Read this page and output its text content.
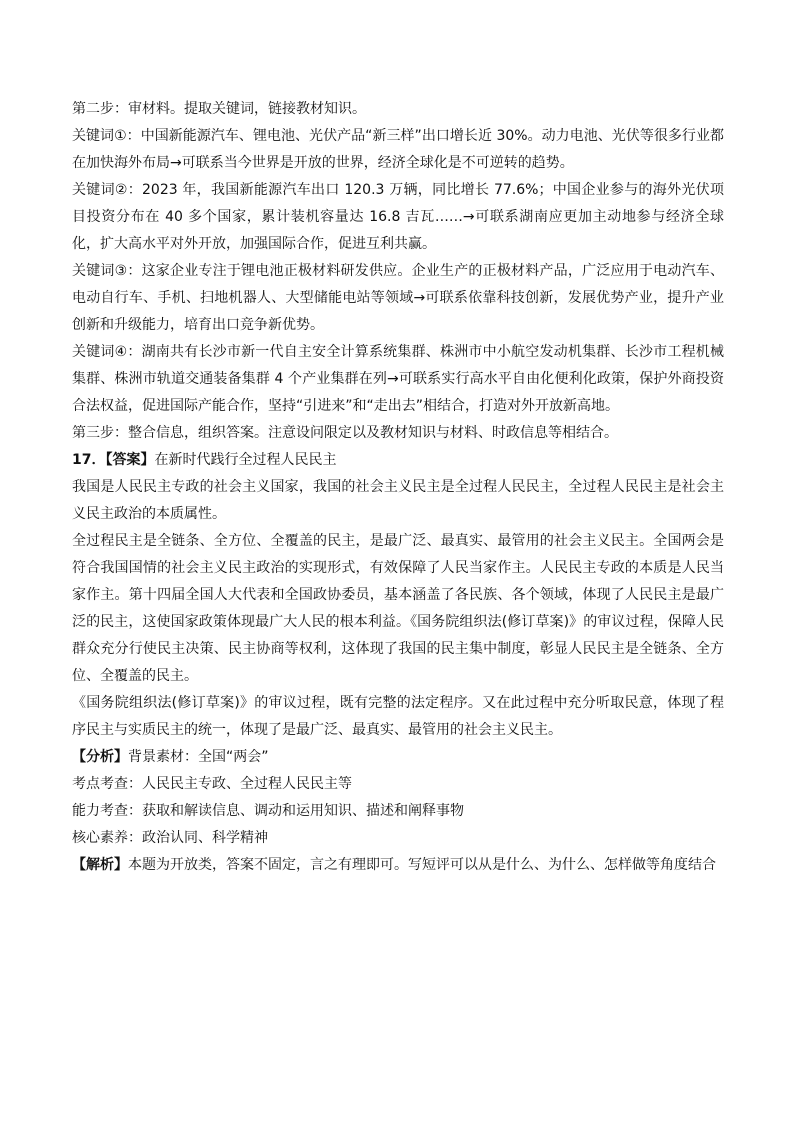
第二步：审材料。提取关键词，链接教材知识。

关键词①：中国新能源汽车、锂电池、光伏产品“新三样”出口增长近 30%。动力电池、光伏等很多行业都在加快海外布局→可联系当今世界是开放的世界，经济全球化是不可逆转的趋势。

关键词②：2023 年，我国新能源汽车出口 120.3 万辆，同比增长 77.6%；中国企业参与的海外光伏项目投资分布在 40 多个国家，累计装机容量达 16.8 吉瓦……→可联系湖南应更加主动地参与经济全球化，扩大高水平对外开放，加强国际合作，促进互利共赢。

关键词③：这家企业专注于锂电池正极材料研发供应。企业生产的正极材料产品，广泛应用于电动汽车、电动自行车、手机、扫地机器人、大型储能电站等领域→可联系依靠科技创新，发展优势产业，提升产业创新和升级能力，培育出口竞争新优势。

关键词④：湖南共有长沙市新一代自主安全计算系统集群、株洲市中小航空发动机集群、长沙市工程机械集群、株洲市轨道交通装备集群 4 个产业集群在列→可联系实行高水平自由化便利化政策，保护外商投资合法权益，促进国际产能合作，坚持“引进来”和“走出去”相结合，打造对外开放新高地。

第三步：整合信息，组织答案。注意设问限定以及教材知识与材料、时政信息等相结合。

17．【答案】在新时代践行全过程人民民主

我国是人民民主专政的社会主义国家，我国的社会主义民主是全过程人民民主，全过程人民民主是社会主义民主政治的本质属性。

全过程民主是全链条、全方位、全覆盖的民主，是最广泛、最真实、最管用的社会主义民主。全国两会是符合我国国情的社会主义民主政治的实现形式，有效保障了人民当家作主。人民民主专政的本质是人民当家作主。第十四届全国人大代表和全国政协委员，基本涵盖了各民族、各个领域，体现了人民民主是最广泛的民主，这使国家政策体现最广大人民的根本利益。《国务院组织法(修订草案)》的审议过程，保障人民群众充分行使民主决策、民主协商等权利，这体现了我国的民主集中制度，彰显人民民主是全链条、全方位、全覆盖的民主。

《国务院组织法(修订草案)》的审议过程，既有完整的法定程序。又在此过程中充分听取民意，体现了程序民主与实质民主的统一，体现了是最广泛、最真实、最管用的社会主义民主。

【分析】背景素材：全国“两会”

考点考查：人民民主专政、全过程人民民主等

能力考查：获取和解读信息、调动和运用知识、描述和阐释事物

核心素养：政治认同、科学精神

【解析】本题为开放类，答案不固定，言之有理即可。写短评可以从是什么、为什么、怎样做等角度结合
